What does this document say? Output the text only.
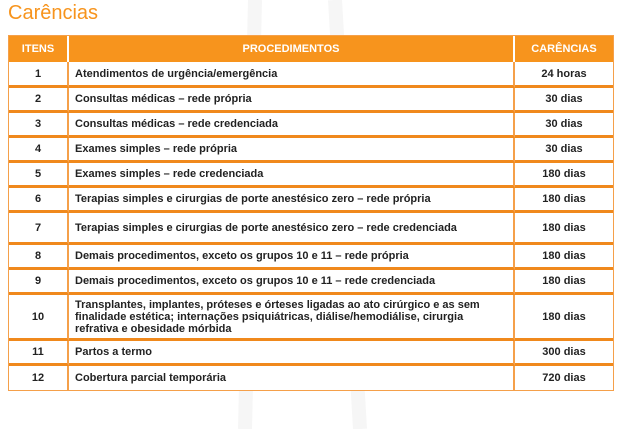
Carências
ITENS	PROCEDIMENTOS	CARÊNCIAS
1	Atendimentos de urgência/emergência	24 horas
2	Consultas médicas – rede própria	30 dias
3	Consultas médicas – rede credenciada	30 dias
4	Exames simples – rede própria	30 dias
5	Exames simples – rede credenciada	180 dias
6	Terapias simples e cirurgias de porte anestésico zero – rede própria	180 dias
7	Terapias simples e cirurgias de porte anestésico zero – rede credenciada	180 dias
8	Demais procedimentos, exceto os grupos 10 e 11 – rede própria	180 dias
9	Demais procedimentos, exceto os grupos 10 e 11 – rede credenciada	180 dias
10	Transplantes, implantes, próteses e órteses ligadas ao ato cirúrgico e as sem finalidade estética; internações psiquiátricas, diálise/hemodiálise, cirurgia refrativa e obesidade mórbida	180 dias
11	Partos a termo	300 dias
12	Cobertura parcial temporária	720 dias
